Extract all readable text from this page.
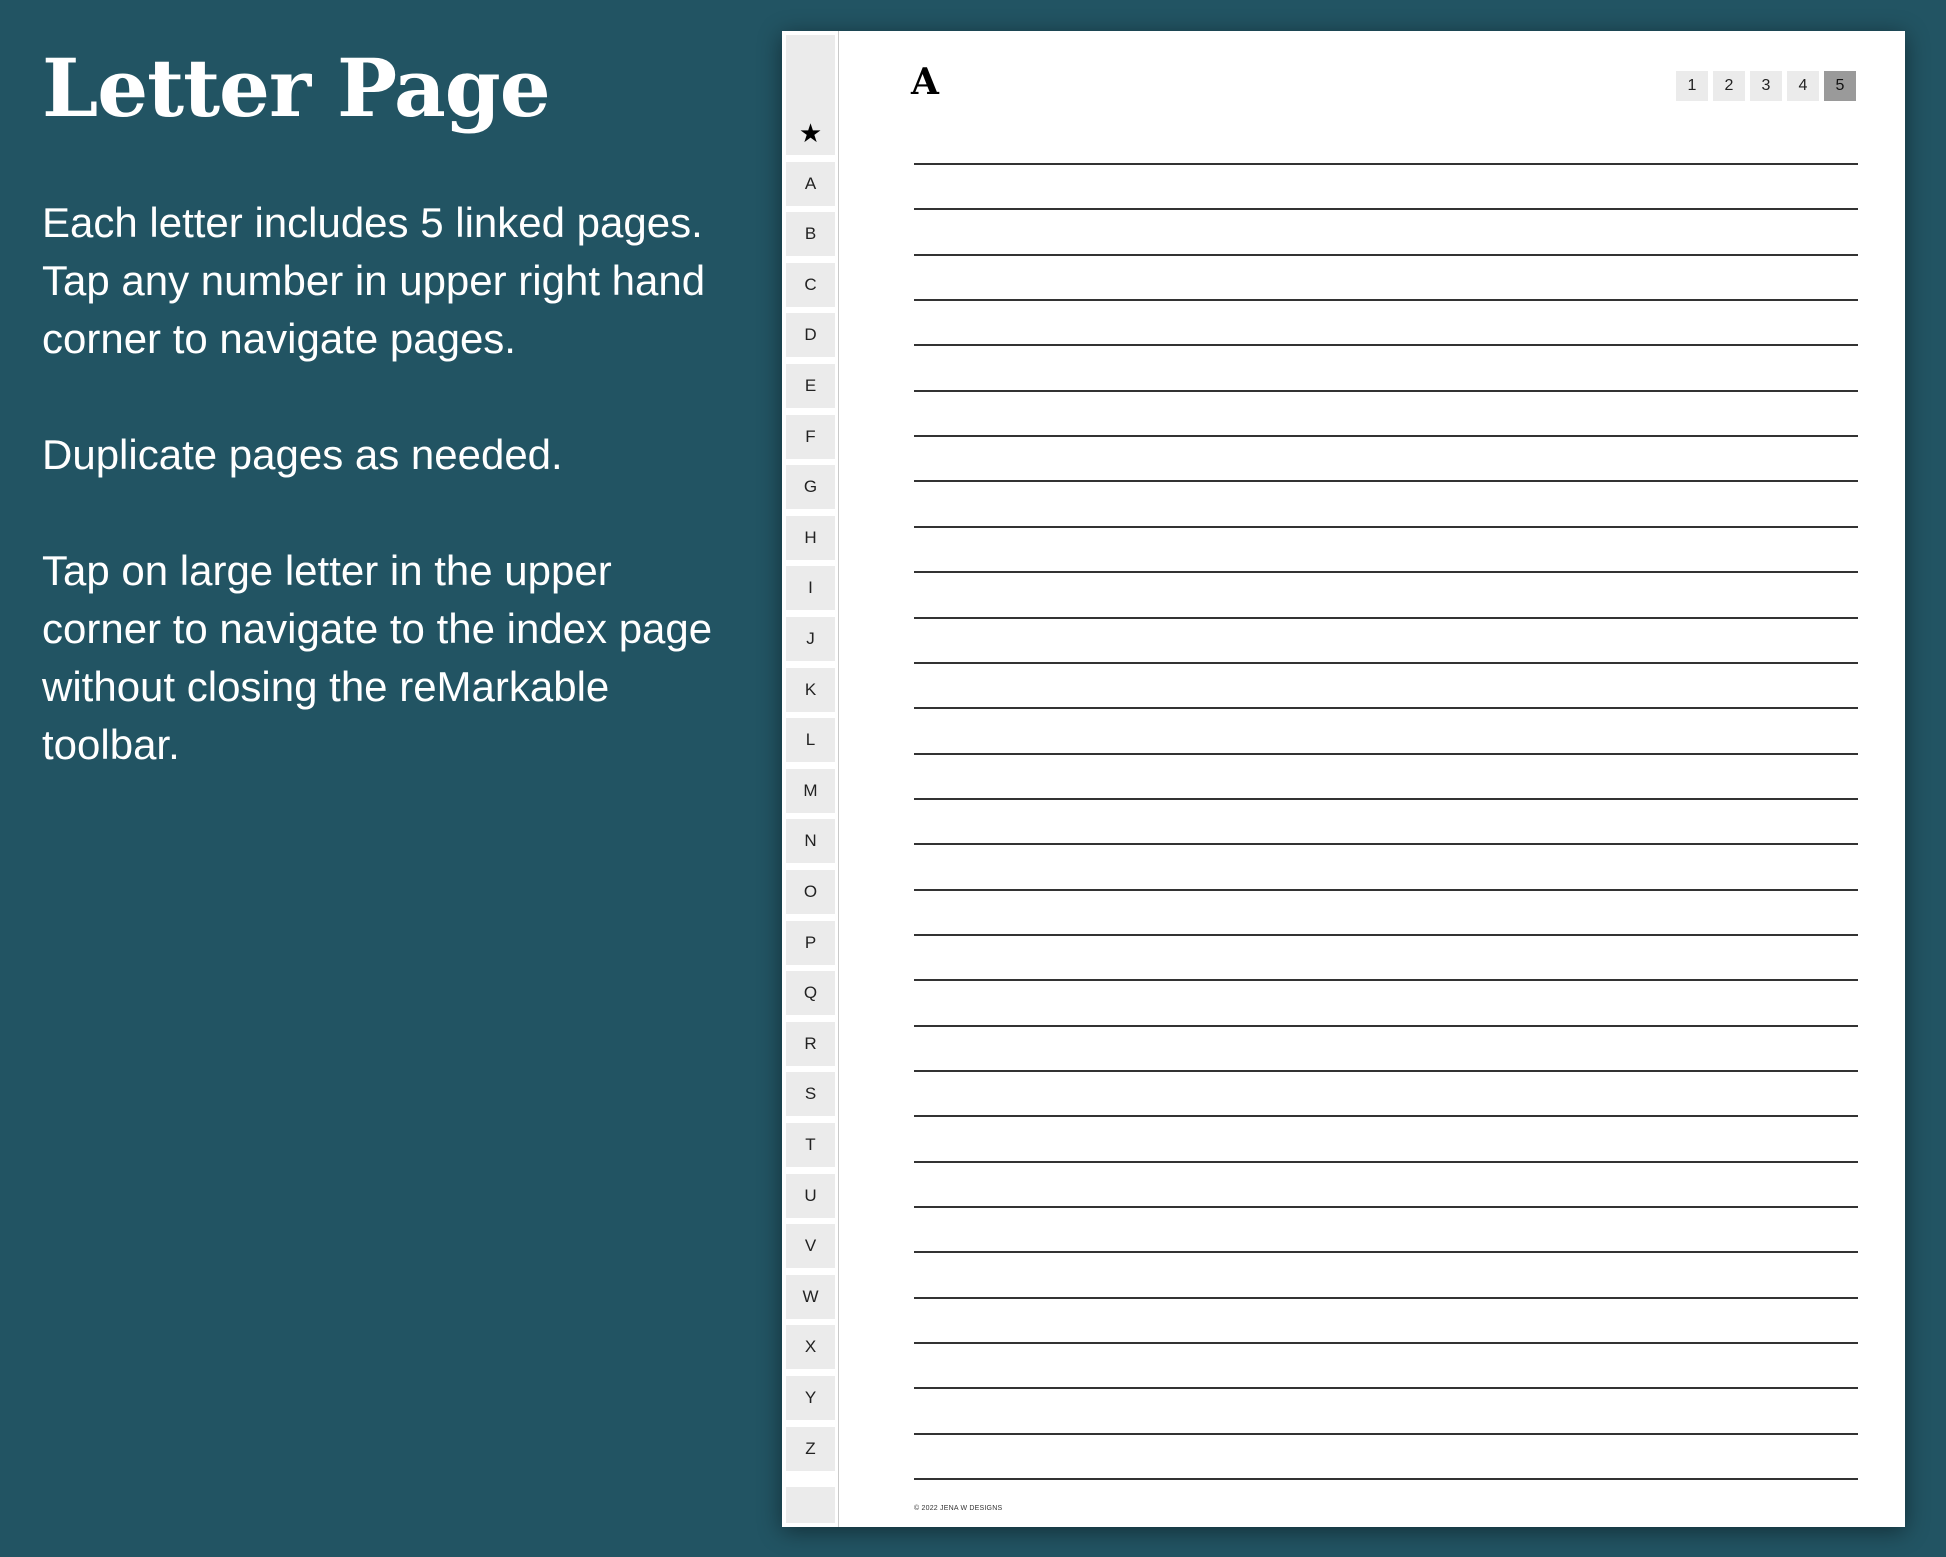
Letter Page

Each letter includes 5 linked pages. Tap any number in upper right hand corner to navigate pages.

Duplicate pages as needed.

Tap on large letter in the upper corner to navigate to the index page without closing the reMarkable toolbar.

★
A
B
C
D
E
F
G
H
I
J
K
L
M
N
O
P
Q
R
S
T
U
V
W
X
Y
Z
A	1	2	3	4	5
© 2022 JENA W DESIGNS
